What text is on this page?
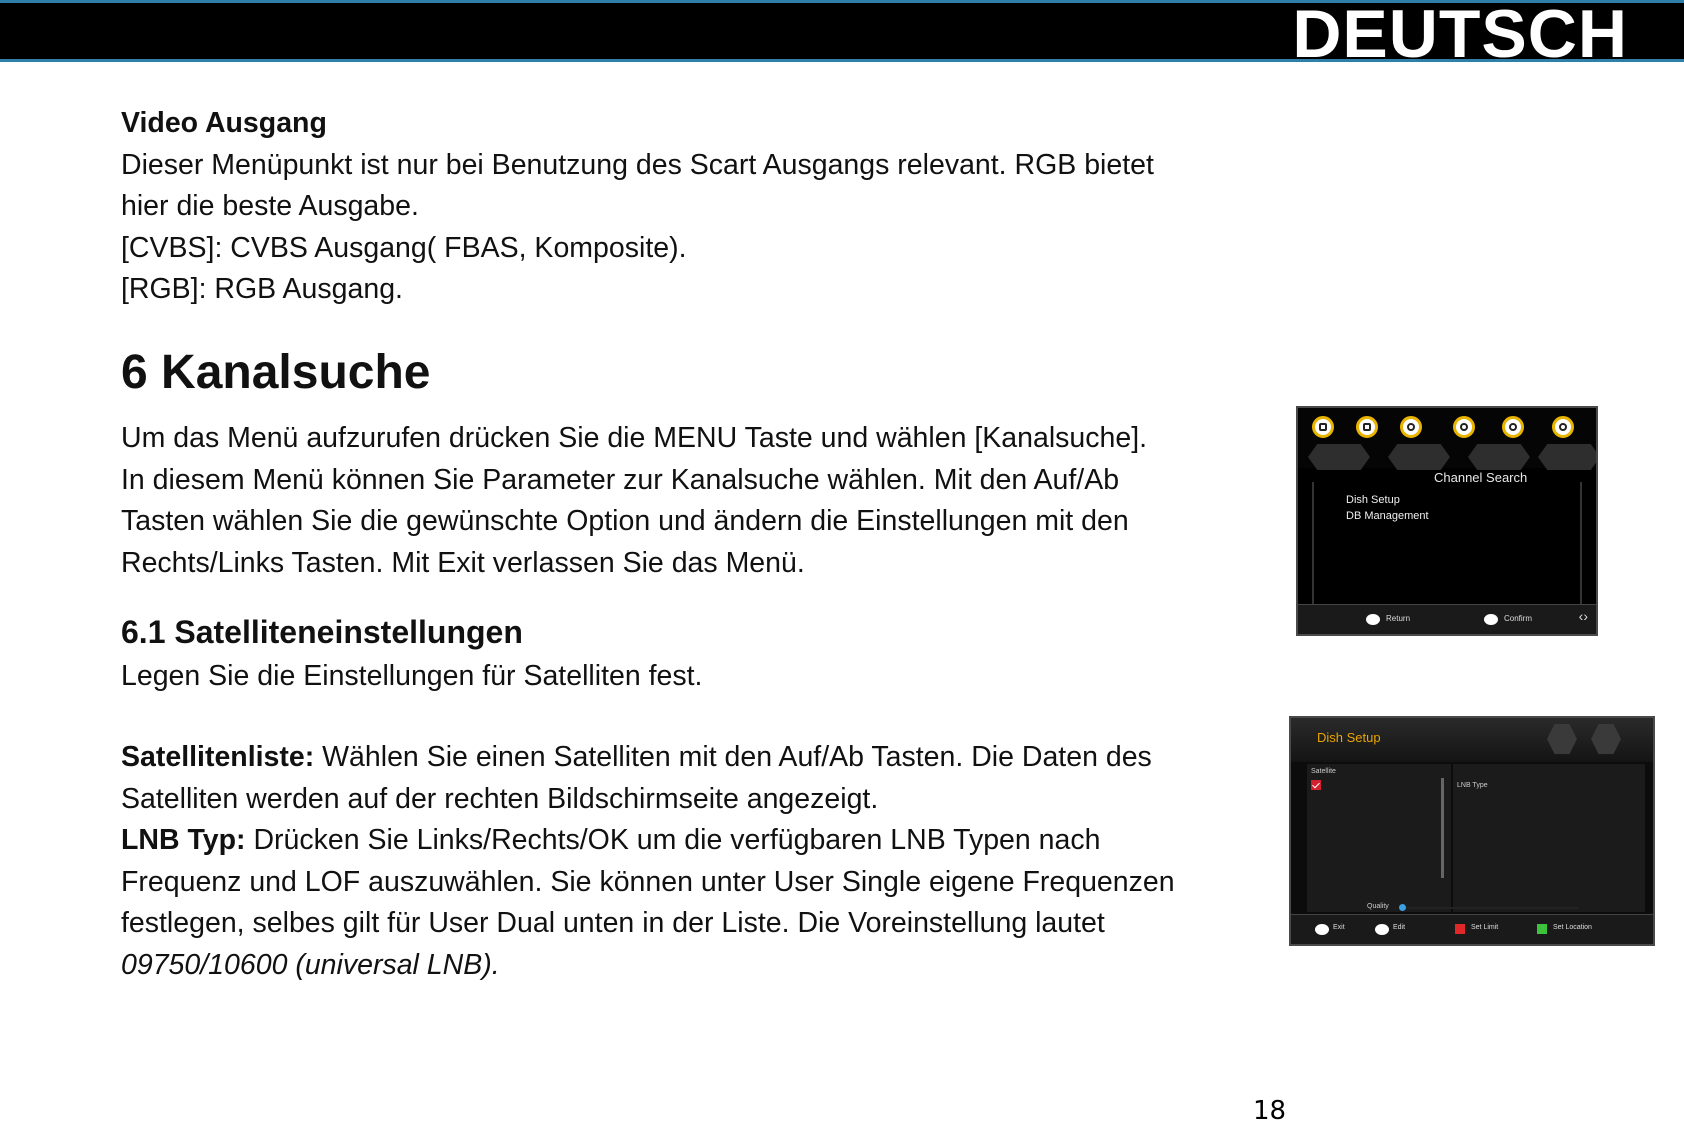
DEUTSCH
Video Ausgang
Dieser Menüpunkt ist nur bei Benutzung des Scart Ausgangs relevant. RGB bietet
hier die beste Ausgabe.
[CVBS]: CVBS Ausgang( FBAS, Komposite).
[RGB]: RGB Ausgang.
6 Kanalsuche
Um das Menü aufzurufen drücken Sie die MENU Taste und wählen [Kanalsuche].
In diesem Menü können Sie Parameter zur Kanalsuche wählen. Mit den Auf/Ab
Tasten wählen Sie die gewünschte Option und ändern die Einstellungen mit den
Rechts/Links Tasten. Mit Exit verlassen Sie das Menü.
6.1 Satelliteneinstellungen
Legen Sie die Einstellungen für Satelliten fest.
Satellitenliste: Wählen Sie einen Satelliten mit den Auf/Ab Tasten. Die Daten des
Satelliten werden auf der rechten Bildschirmseite angezeigt.
LNB Typ: Drücken Sie Links/Rechts/OK um die verfügbaren LNB Typen nach
Frequenz und LOF auszuwählen. Sie können unter User Single eigene Frequenzen
festlegen, selbes gilt für User Dual unten in der Liste. Die Voreinstellung lautet
09750/10600 (universal LNB).
Channel Search
Dish Setup
DB Management
Return	Confirm	‹›
Dish Setup
Satellite
LNB Type
Quality
Exit	Edit	Set Limit	Set Location
18
